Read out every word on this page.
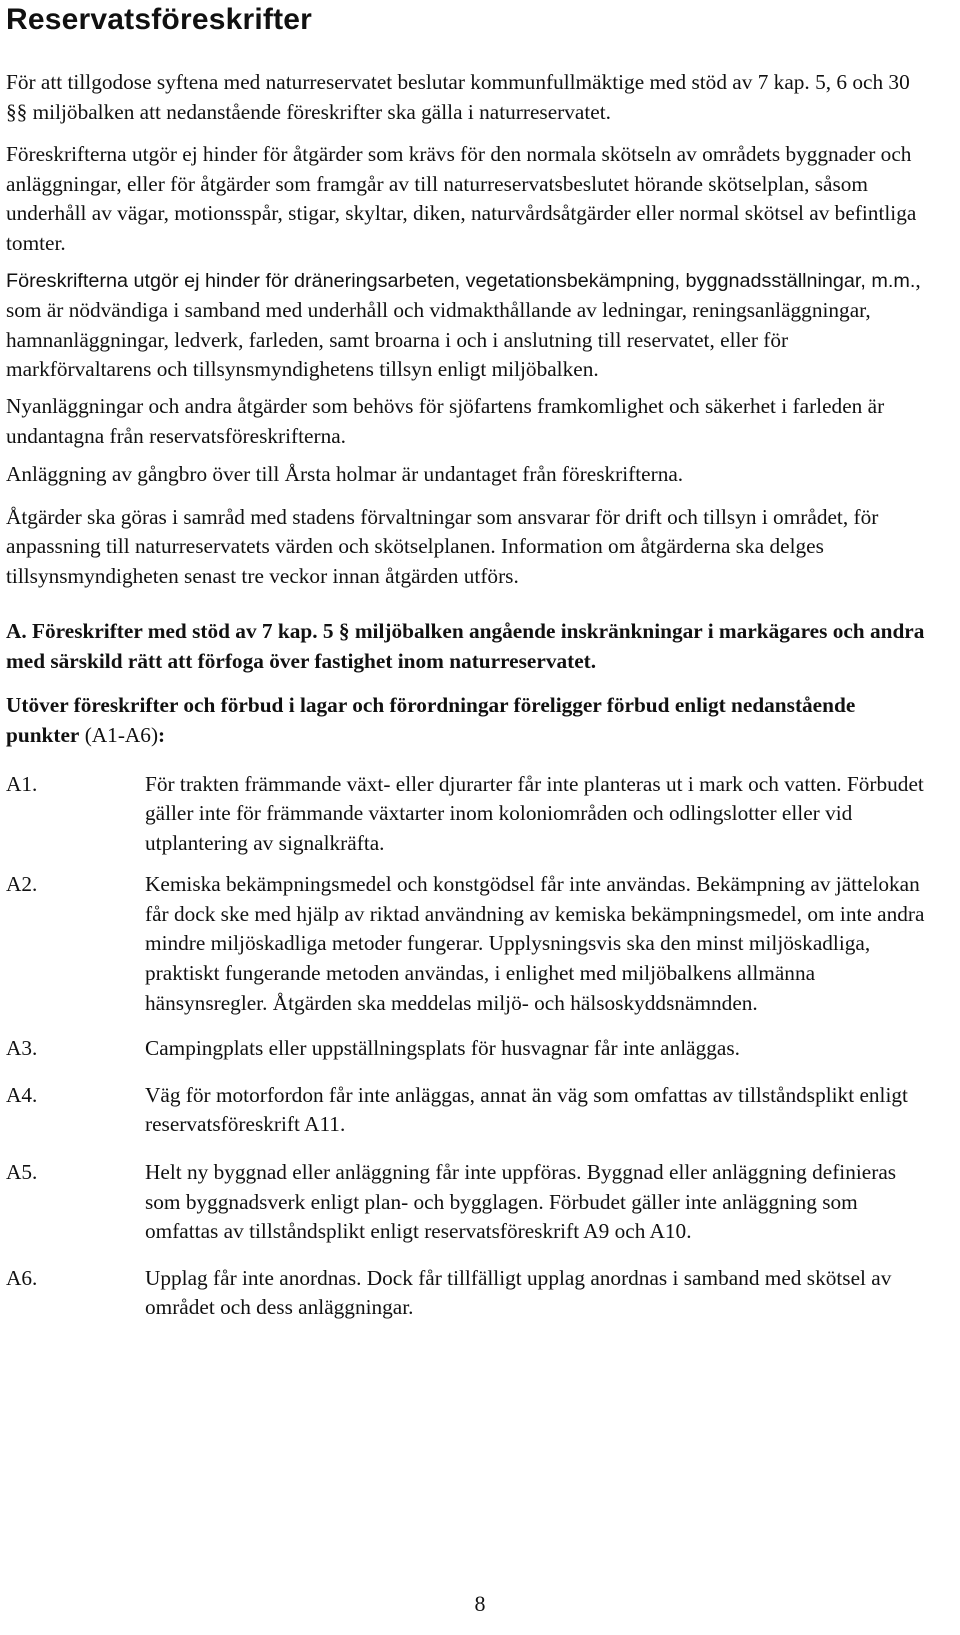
Reservatsföreskrifter

För att tillgodose syftena med naturreservatet beslutar kommunfullmäktige med stöd av 7 kap. 5, 6 och 30 §§ miljöbalken att nedanstående föreskrifter ska gälla i naturreservatet.

Föreskrifterna utgör ej hinder för åtgärder som krävs för den normala skötseln av områdets byggnader och anläggningar, eller för åtgärder som framgår av till naturreservatsbeslutet hörande skötselplan, såsom underhåll av vägar, motionsspår, stigar, skyltar, diken, naturvårdsåtgärder eller normal skötsel av befintliga tomter.

Föreskrifterna utgör ej hinder för dräneringsarbeten, vegetationsbekämpning, byggnadsställningar, m.m., som är nödvändiga i samband med underhåll och vidmakthållande av ledningar, reningsanläggningar, hamnanläggningar, ledverk, farleden, samt broarna i och i anslutning till reservatet, eller för markförvaltarens och tillsynsmyndighetens tillsyn enligt miljöbalken.

Nyanläggningar och andra åtgärder som behövs för sjöfartens framkomlighet och säkerhet i farleden är undantagna från reservatsföreskrifterna.

Anläggning av gångbro över till Årsta holmar är undantaget från föreskrifterna.

Åtgärder ska göras i samråd med stadens förvaltningar som ansvarar för drift och tillsyn i området, för anpassning till naturreservatets värden och skötselplanen. Information om åtgärderna ska delges tillsynsmyndigheten senast tre veckor innan åtgärden utförs.

A. Föreskrifter med stöd av 7 kap. 5 § miljöbalken angående inskränkningar i markägares och andra med särskild rätt att förfoga över fastighet inom naturreservatet.

Utöver föreskrifter och förbud i lagar och förordningar föreligger förbud enligt nedanstående punkter (A1-A6):

A1.	För trakten främmande växt- eller djurarter får inte planteras ut i mark och vatten. Förbudet gäller inte för främmande växtarter inom koloniområden och odlingslotter eller vid utplantering av signalkräfta.
A2.	Kemiska bekämpningsmedel och konstgödsel får inte användas. Bekämpning av jättelokan får dock ske med hjälp av riktad användning av kemiska bekämpningsmedel, om inte andra mindre miljöskadliga metoder fungerar. Upplysningsvis ska den minst miljöskadliga, praktiskt fungerande metoden användas, i enlighet med miljöbalkens allmänna hänsynsregler. Åtgärden ska meddelas miljö- och hälsoskyddsnämnden.
A3.	Campingplats eller uppställningsplats för husvagnar får inte anläggas.
A4.	Väg för motorfordon får inte anläggas, annat än väg som omfattas av tillståndsplikt enligt reservatsföreskrift A11.
A5.	Helt ny byggnad eller anläggning får inte uppföras. Byggnad eller anläggning definieras som byggnadsverk enligt plan- och bygglagen. Förbudet gäller inte anläggning som omfattas av tillståndsplikt enligt reservatsföreskrift A9 och A10.
A6.	Upplag får inte anordnas. Dock får tillfälligt upplag anordnas i samband med skötsel av området och dess anläggningar.
8
